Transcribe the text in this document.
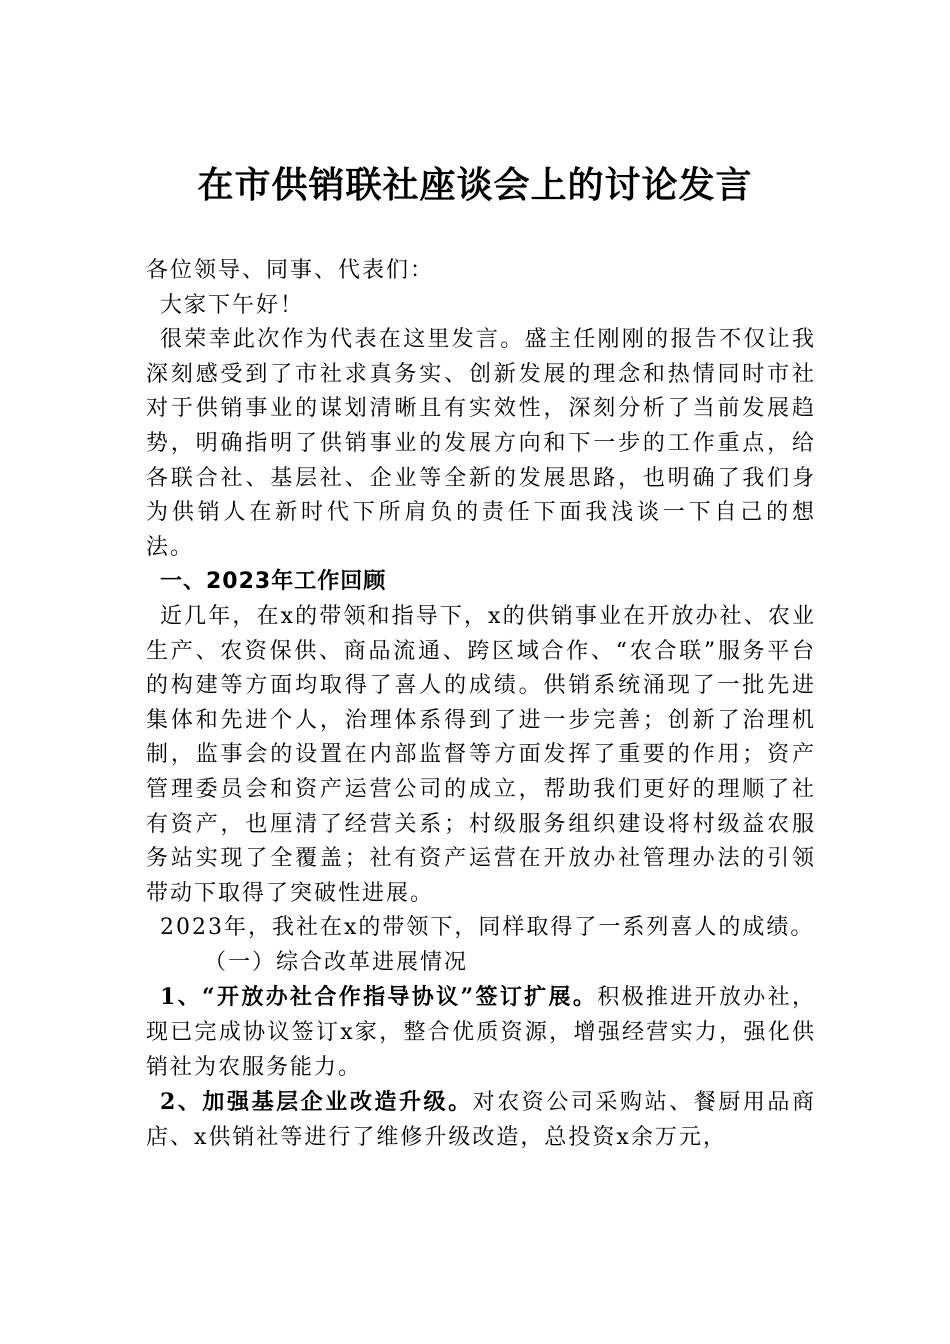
在市供销联社座谈会上的讨论发言

各位领导、同事、代表们：

大家下午好！

很荣幸此次作为代表在这里发言。盛主任刚刚的报告不仅让我深刻感受到了市社求真务实、创新发展的理念和热情同时市社对于供销事业的谋划清晰且有实效性，深刻分析了当前发展趋势，明确指明了供销事业的发展方向和下一步的工作重点，给各联合社、基层社、企业等全新的发展思路，也明确了我们身为供销人在新时代下所肩负的责任下面我浅谈一下自己的想法。

一、2023年工作回顾

近几年，在x的带领和指导下，x的供销事业在开放办社、农业生产、农资保供、商品流通、跨区域合作、“农合联”服务平台的构建等方面均取得了喜人的成绩。供销系统涌现了一批先进集体和先进个人，治理体系得到了进一步完善；创新了治理机制，监事会的设置在内部监督等方面发挥了重要的作用；资产管理委员会和资产运营公司的成立，帮助我们更好的理顺了社有资产，也厘清了经营关系；村级服务组织建设将村级益农服务站实现了全覆盖；社有资产运营在开放办社管理办法的引领带动下取得了突破性进展。

2023年，我社在x的带领下，同样取得了一系列喜人的成绩。

（一）综合改革进展情况

1、“开放办社合作指导协议”签订扩展。积极推进开放办社，现已完成协议签订x家，整合优质资源，增强经营实力，强化供销社为农服务能力。

2、加强基层企业改造升级。对农资公司采购站、餐厨用品商店、x供销社等进行了维修升级改造，总投资x余万元，
